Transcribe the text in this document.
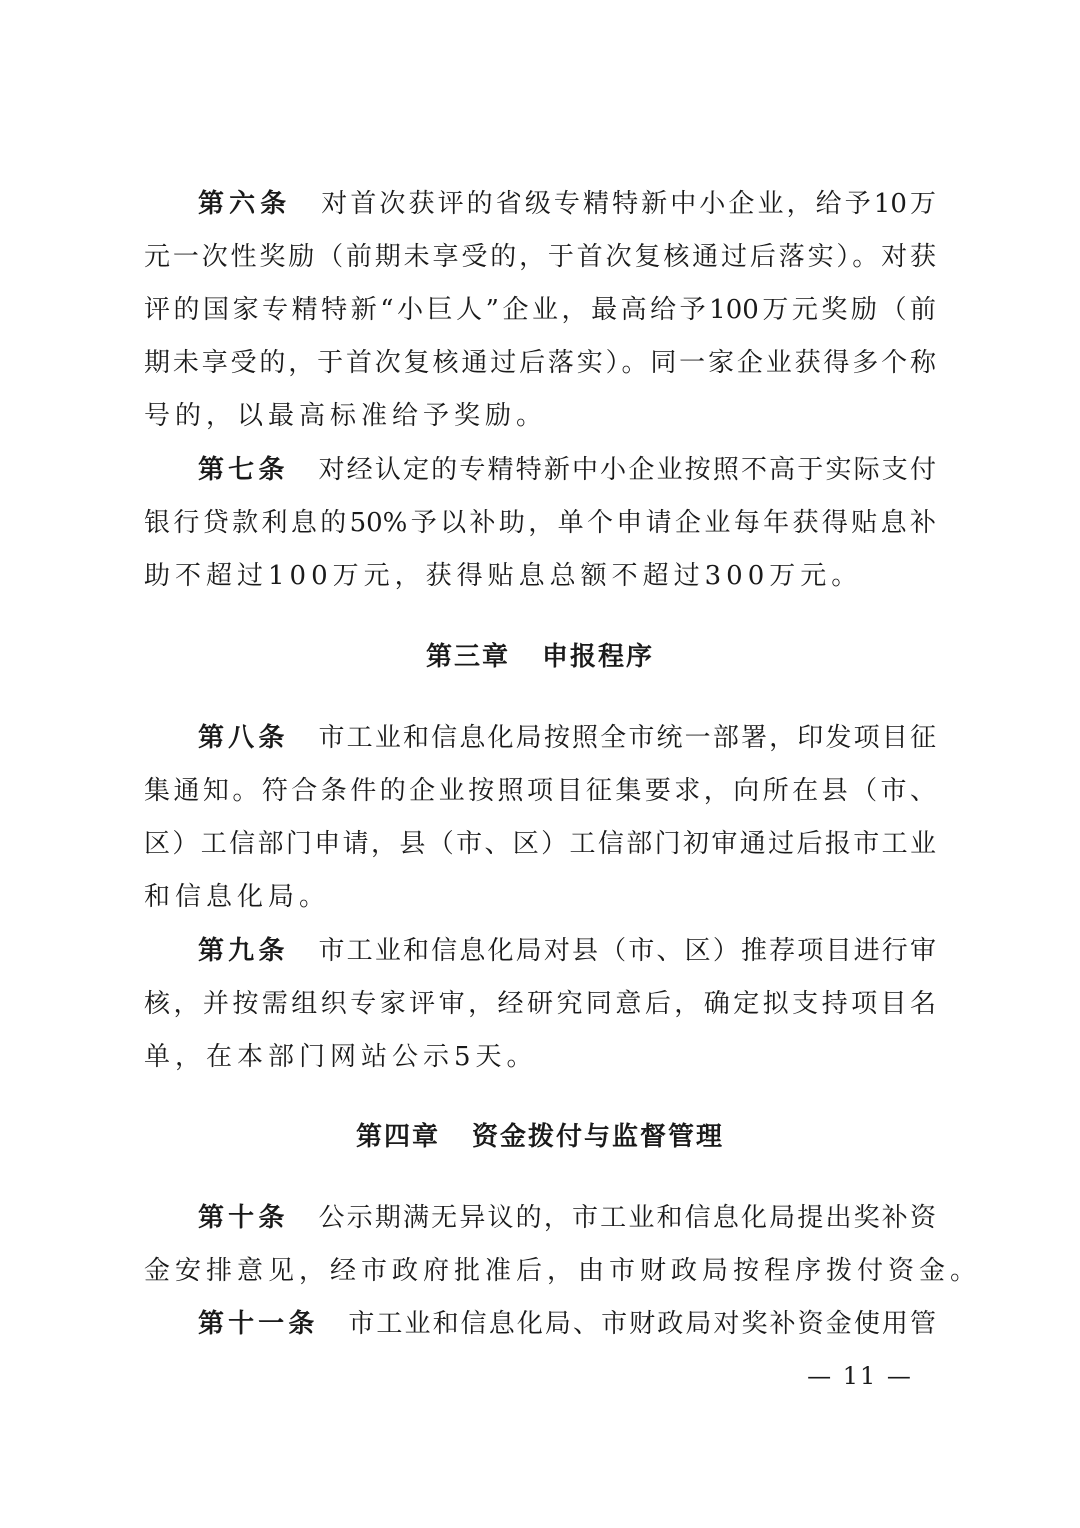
第六条 对首次获评的省级专精特新中小企业，给予10万
元一次性奖励（前期未享受的，于首次复核通过后落实）。对获
评的国家专精特新“小巨人”企业，最高给予100万元奖励（前
期未享受的，于首次复核通过后落实）。同一家企业获得多个称
号的，以最高标准给予奖励。
第七条 对经认定的专精特新中小企业按照不高于实际支付
银行贷款利息的50%予以补助，单个申请企业每年获得贴息补
助不超过100万元，获得贴息总额不超过300万元。
第三章 申报程序
第八条 市工业和信息化局按照全市统一部署，印发项目征
集通知。符合条件的企业按照项目征集要求，向所在县（市、
区）工信部门申请，县（市、区）工信部门初审通过后报市工业
和信息化局。
第九条 市工业和信息化局对县（市、区）推荐项目进行审
核，并按需组织专家评审，经研究同意后，确定拟支持项目名
单，在本部门网站公示5天。
第四章 资金拨付与监督管理
第十条 公示期满无异议的，市工业和信息化局提出奖补资
金安排意见，经市政府批准后，由市财政局按程序拨付资金。
第十一条 市工业和信息化局、市财政局对奖补资金使用管
— 11 —
